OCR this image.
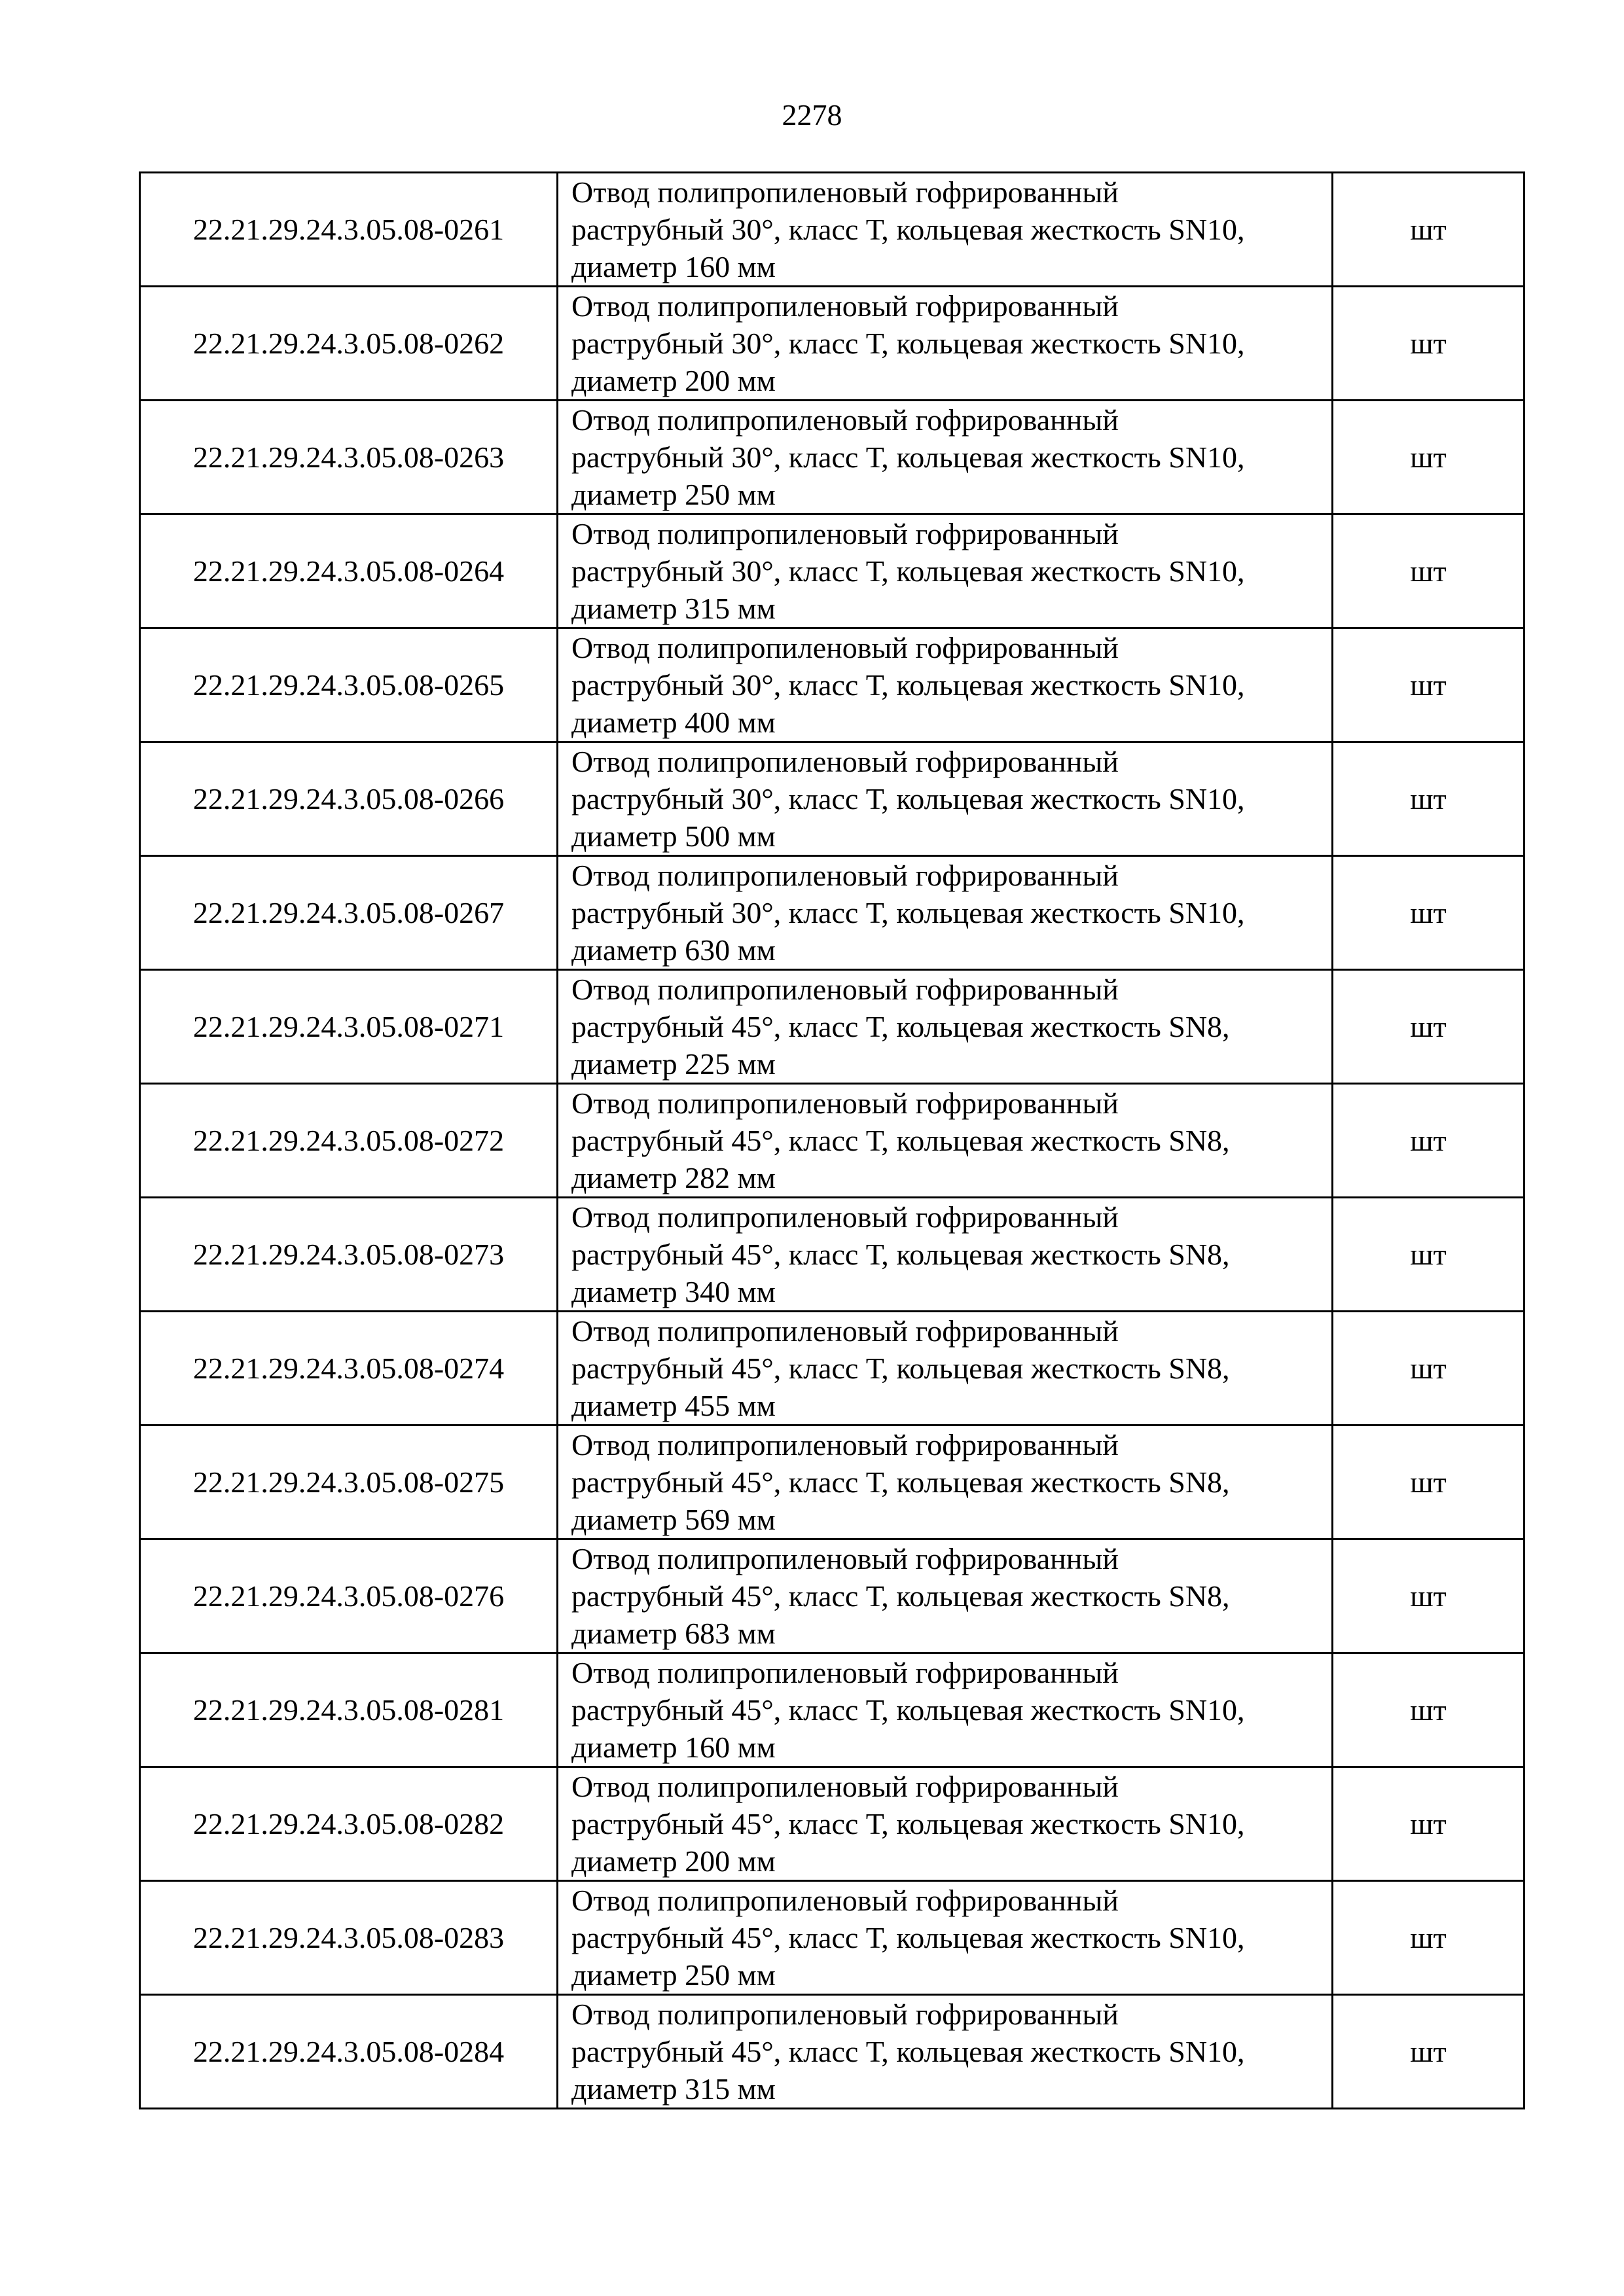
2278
22.21.29.24.3.05.08-0261	Отвод полипропиленовый гофрированный
раструбный 30°, класс Т, кольцевая жесткость SN10,
диаметр 160 мм	шт
22.21.29.24.3.05.08-0262	Отвод полипропиленовый гофрированный
раструбный 30°, класс Т, кольцевая жесткость SN10,
диаметр 200 мм	шт
22.21.29.24.3.05.08-0263	Отвод полипропиленовый гофрированный
раструбный 30°, класс Т, кольцевая жесткость SN10,
диаметр 250 мм	шт
22.21.29.24.3.05.08-0264	Отвод полипропиленовый гофрированный
раструбный 30°, класс Т, кольцевая жесткость SN10,
диаметр 315 мм	шт
22.21.29.24.3.05.08-0265	Отвод полипропиленовый гофрированный
раструбный 30°, класс Т, кольцевая жесткость SN10,
диаметр 400 мм	шт
22.21.29.24.3.05.08-0266	Отвод полипропиленовый гофрированный
раструбный 30°, класс Т, кольцевая жесткость SN10,
диаметр 500 мм	шт
22.21.29.24.3.05.08-0267	Отвод полипропиленовый гофрированный
раструбный 30°, класс Т, кольцевая жесткость SN10,
диаметр 630 мм	шт
22.21.29.24.3.05.08-0271	Отвод полипропиленовый гофрированный
раструбный 45°, класс Т, кольцевая жесткость SN8,
диаметр 225 мм	шт
22.21.29.24.3.05.08-0272	Отвод полипропиленовый гофрированный
раструбный 45°, класс Т, кольцевая жесткость SN8,
диаметр 282 мм	шт
22.21.29.24.3.05.08-0273	Отвод полипропиленовый гофрированный
раструбный 45°, класс Т, кольцевая жесткость SN8,
диаметр 340 мм	шт
22.21.29.24.3.05.08-0274	Отвод полипропиленовый гофрированный
раструбный 45°, класс Т, кольцевая жесткость SN8,
диаметр 455 мм	шт
22.21.29.24.3.05.08-0275	Отвод полипропиленовый гофрированный
раструбный 45°, класс Т, кольцевая жесткость SN8,
диаметр 569 мм	шт
22.21.29.24.3.05.08-0276	Отвод полипропиленовый гофрированный
раструбный 45°, класс Т, кольцевая жесткость SN8,
диаметр 683 мм	шт
22.21.29.24.3.05.08-0281	Отвод полипропиленовый гофрированный
раструбный 45°, класс Т, кольцевая жесткость SN10,
диаметр 160 мм	шт
22.21.29.24.3.05.08-0282	Отвод полипропиленовый гофрированный
раструбный 45°, класс Т, кольцевая жесткость SN10,
диаметр 200 мм	шт
22.21.29.24.3.05.08-0283	Отвод полипропиленовый гофрированный
раструбный 45°, класс Т, кольцевая жесткость SN10,
диаметр 250 мм	шт
22.21.29.24.3.05.08-0284	Отвод полипропиленовый гофрированный
раструбный 45°, класс Т, кольцевая жесткость SN10,
диаметр 315 мм	шт
